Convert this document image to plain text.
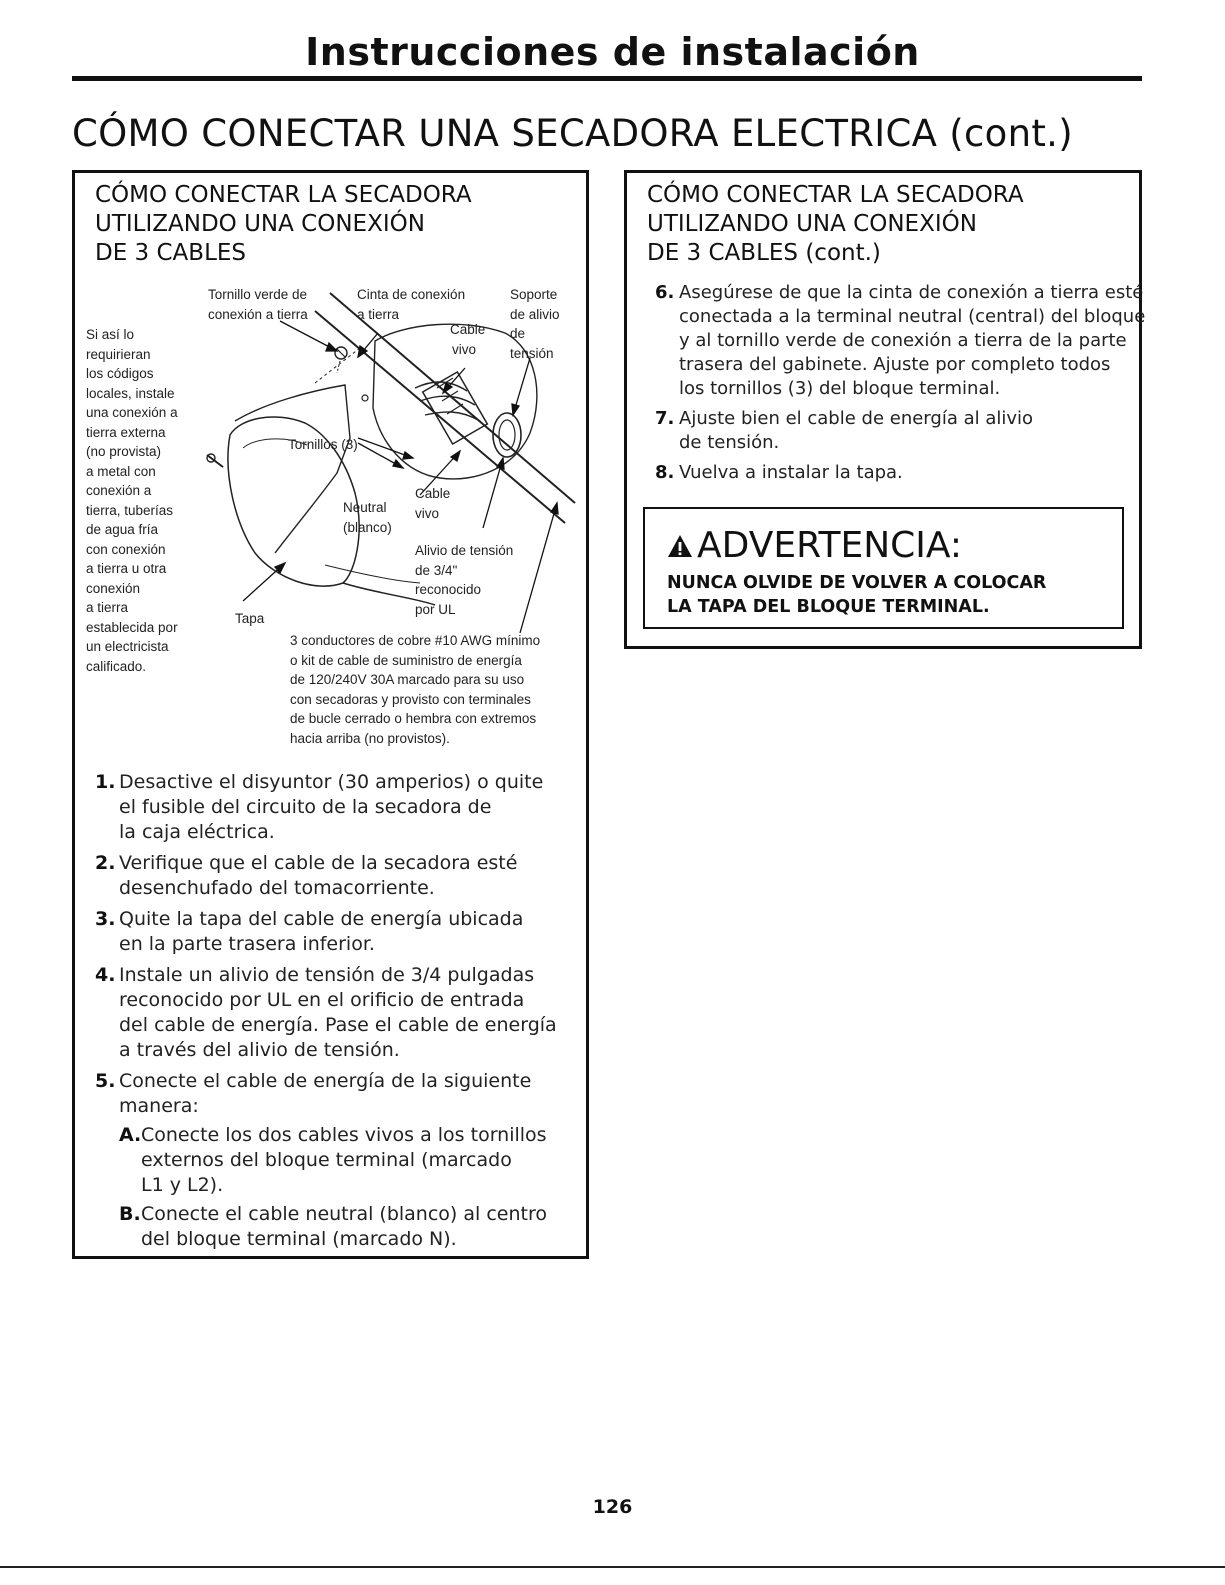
Instrucciones de instalación
CÓMO CONECTAR UNA SECADORA ELECTRICA (cont.)
CÓMO CONECTAR LA SECADORA
UTILIZANDO UNA CONEXIÓN
DE 3 CABLES
Si así lo
requirieran
los códigos
locales, instale
una conexión a
tierra externa
(no provista)
a metal con
conexión a
tierra, tuberías
de agua fría
con conexión
a tierra u otra
conexión
a tierra
establecida por
un electricista
calificado.
Tornillo verde de
conexión a tierra
Cinta de conexión
a tierra
Soporte
de alivio
de
tensión
Cable
vivo
Tornillos (3)
Cable
vivo
Neutral
(blanco)
Alivio de tensión
de 3/4"
reconocido
por UL
Tapa
3 conductores de cobre #10 AWG mínimo
o kit de cable de suministro de energía
de 120/240V 30A marcado para su uso
con secadoras y provisto con terminales
de bucle cerrado o hembra con extremos
hacia arriba (no provistos).
1. Desactive el disyuntor (30 amperios) o quite
el fusible del circuito de la secadora de
la caja eléctrica.
2. Verifique que el cable de la secadora esté
desenchufado del tomacorriente.
3. Quite la tapa del cable de energía ubicada
en la parte trasera inferior.
4. Instale un alivio de tensión de 3/4 pulgadas
reconocido por UL en el orificio de entrada
del cable de energía. Pase el cable de energía
a través del alivio de tensión.
5. Conecte el cable de energía de la siguiente
manera:
A. Conecte los dos cables vivos a los tornillos
externos del bloque terminal (marcado
L1 y L2).
B. Conecte el cable neutral (blanco) al centro
del bloque terminal (marcado N).
CÓMO CONECTAR LA SECADORA
UTILIZANDO UNA CONEXIÓN
DE 3 CABLES (cont.)
6. Asegúrese de que la cinta de conexión a tierra esté
conectada a la terminal neutral (central) del bloque
y al tornillo verde de conexión a tierra de la parte
trasera del gabinete. Ajuste por completo todos
los tornillos (3) del bloque terminal.
7. Ajuste bien el cable de energía al alivio
de tensión.
8. Vuelva a instalar la tapa.
ADVERTENCIA:
NUNCA OLVIDE DE VOLVER A COLOCAR
LA TAPA DEL BLOQUE TERMINAL.
126
